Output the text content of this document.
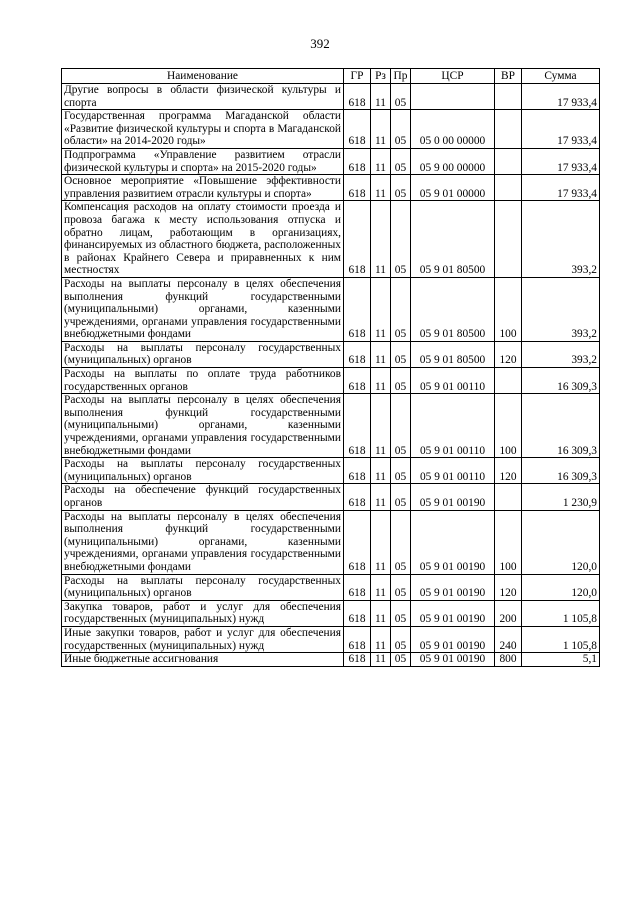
392
Наименование	ГР	Рз	Пр	ЦСР	ВР	Сумма
Другие вопросы в области физической культуры и спорта	618	11	05			17 933,4
Государственная программа Магаданской области «Развитие физической культуры и спорта в Магаданской области» на 2014-2020 годы»	618	11	05	05 0 00 00000		17 933,4
Подпрограмма «Управление развитием отрасли физической культуры и спорта» на 2015-2020 годы»	618	11	05	05 9 00 00000		17 933,4
Основное мероприятие «Повышение эффективности управления развитием отрасли культуры и спорта»	618	11	05	05 9 01 00000		17 933,4
Компенсация расходов на оплату стоимости проезда и провоза багажа к месту использования отпуска и обратно лицам, работающим в организациях, финансируемых из областного бюджета, расположенных в районах Крайнего Севера и приравненных к ним местностях	618	11	05	05 9 01 80500		393,2
Расходы на выплаты персоналу в целях обеспечения выполнения функций государственными (муниципальными) органами, казенными учреждениями, органами управления государственными внебюджетными фондами	618	11	05	05 9 01 80500	100	393,2
Расходы на выплаты персоналу государственных (муниципальных) органов	618	11	05	05 9 01 80500	120	393,2
Расходы на выплаты по оплате труда работников государственных органов	618	11	05	05 9 01 00110		16 309,3
Расходы на выплаты персоналу в целях обеспечения выполнения функций государственными (муниципальными) органами, казенными учреждениями, органами управления государственными внебюджетными фондами	618	11	05	05 9 01 00110	100	16 309,3
Расходы на выплаты персоналу государственных (муниципальных) органов	618	11	05	05 9 01 00110	120	16 309,3
Расходы на обеспечение функций государственных органов	618	11	05	05 9 01 00190		1 230,9
Расходы на выплаты персоналу в целях обеспечения выполнения функций государственными (муниципальными) органами, казенными учреждениями, органами управления государственными внебюджетными фондами	618	11	05	05 9 01 00190	100	120,0
Расходы на выплаты персоналу государственных (муниципальных) органов	618	11	05	05 9 01 00190	120	120,0
Закупка товаров, работ и услуг для обеспечения государственных (муниципальных) нужд	618	11	05	05 9 01 00190	200	1 105,8
Иные закупки товаров, работ и услуг для обеспечения государственных (муниципальных) нужд	618	11	05	05 9 01 00190	240	1 105,8
Иные бюджетные ассигнования	618	11	05	05 9 01 00190	800	5,1
